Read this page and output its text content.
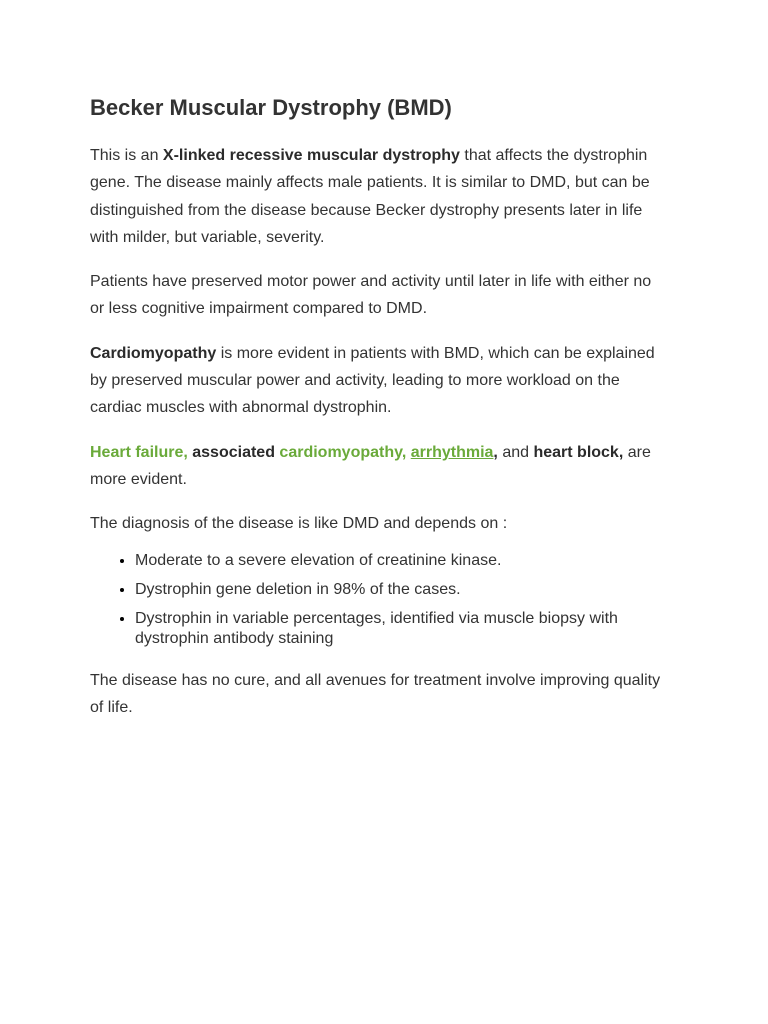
Becker Muscular Dystrophy (BMD)

This is an X-linked recessive muscular dystrophy that affects the dystrophin gene. The disease mainly affects male patients. It is similar to DMD, but can be distinguished from the disease because Becker dystrophy presents later in life with milder, but variable, severity.

Patients have preserved motor power and activity until later in life with either no or less cognitive impairment compared to DMD.

Cardiomyopathy is more evident in patients with BMD, which can be explained by preserved muscular power and activity, leading to more workload on the cardiac muscles with abnormal dystrophin.

Heart failure, associated cardiomyopathy, arrhythmia, and heart block, are more evident.

The diagnosis of the disease is like DMD and depends on :

• Moderate to a severe elevation of creatinine kinase.
• Dystrophin gene deletion in 98% of the cases.
• Dystrophin in variable percentages, identified via muscle biopsy with dystrophin antibody staining

The disease has no cure, and all avenues for treatment involve improving quality of life.
